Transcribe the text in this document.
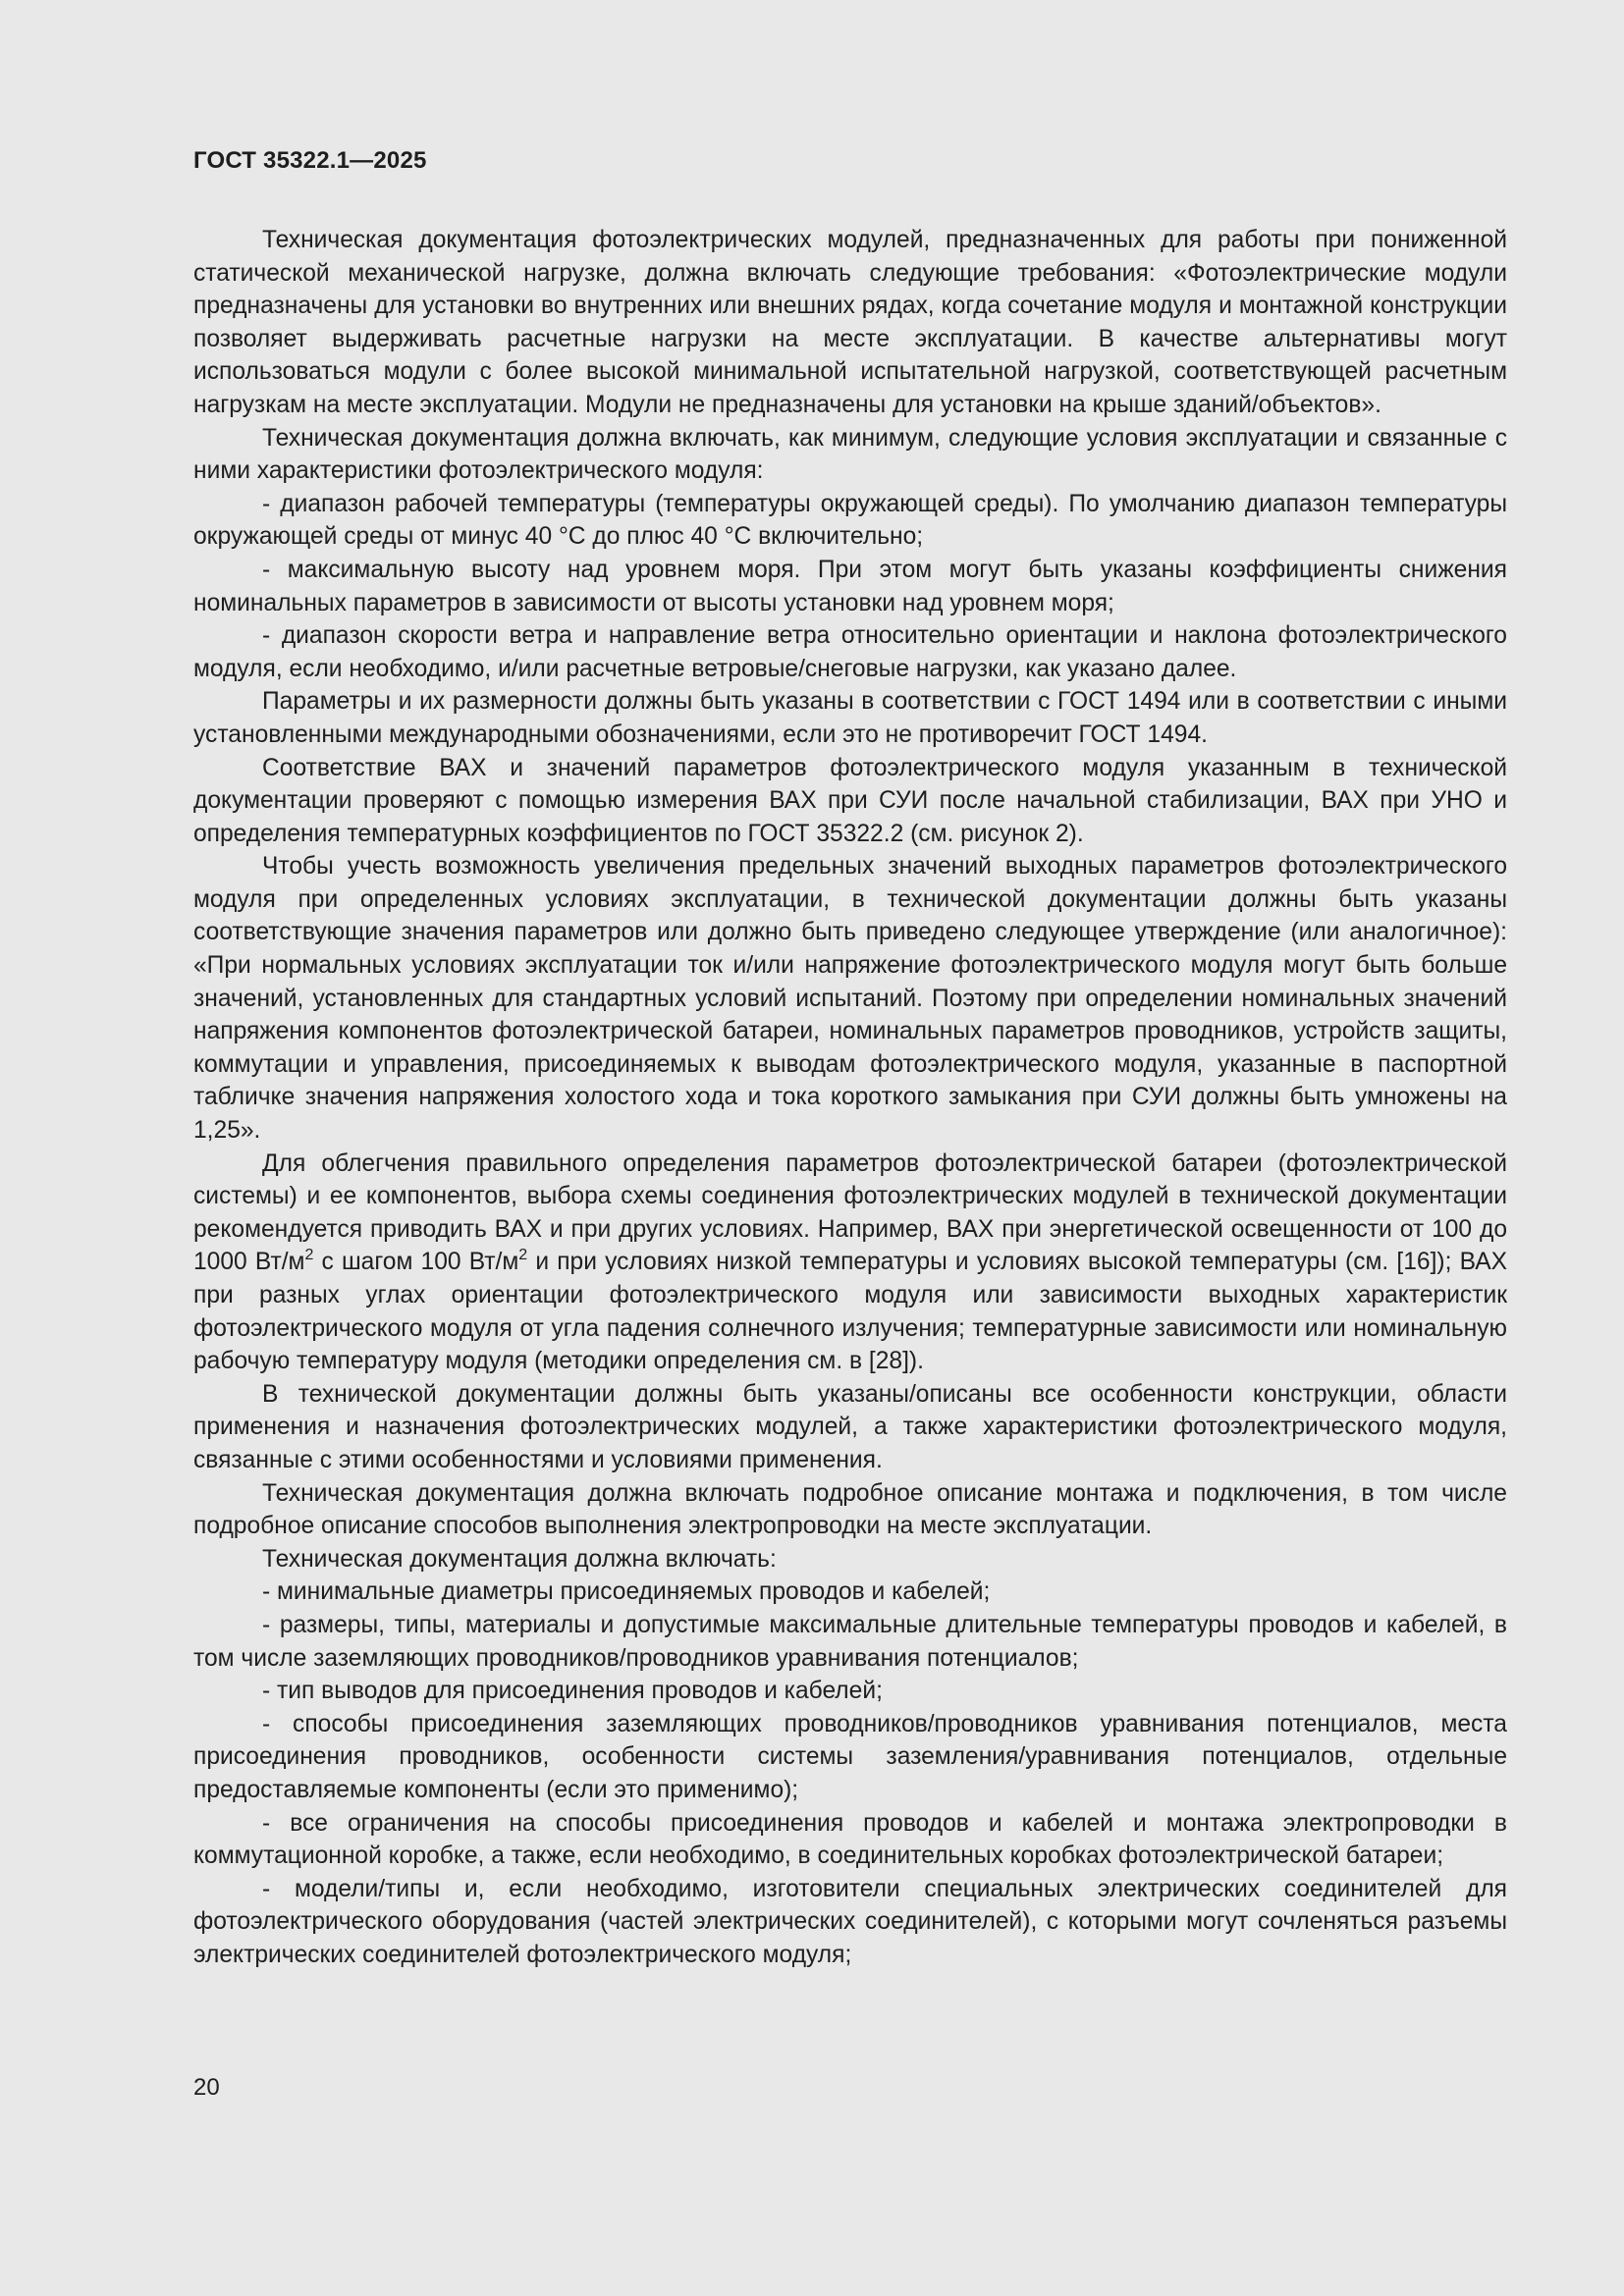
ГОСТ 35322.1—2025

Техническая документация фотоэлектрических модулей, предназначенных для работы при пониженной статической механической нагрузке, должна включать следующие требования: «Фотоэлектрические модули предназначены для установки во внутренних или внешних рядах, когда сочетание модуля и монтажной конструкции позволяет выдерживать расчетные нагрузки на месте эксплуатации. В качестве альтернативы могут использоваться модули с более высокой минимальной испытательной нагрузкой, соответствующей расчетным нагрузкам на месте эксплуатации. Модули не предназначены для установки на крыше зданий/объектов».

Техническая документация должна включать, как минимум, следующие условия эксплуатации и связанные с ними характеристики фотоэлектрического модуля:

- диапазон рабочей температуры (температуры окружающей среды). По умолчанию диапазон температуры окружающей среды от минус 40 °С до плюс 40 °С включительно;

- максимальную высоту над уровнем моря. При этом могут быть указаны коэффициенты снижения номинальных параметров в зависимости от высоты установки над уровнем моря;

- диапазон скорости ветра и направление ветра относительно ориентации и наклона фотоэлектрического модуля, если необходимо, и/или расчетные ветровые/снеговые нагрузки, как указано далее.

Параметры и их размерности должны быть указаны в соответствии с ГОСТ 1494 или в соответствии с иными установленными международными обозначениями, если это не противоречит ГОСТ 1494.

Соответствие ВАХ и значений параметров фотоэлектрического модуля указанным в технической документации проверяют с помощью измерения ВАХ при СУИ после начальной стабилизации, ВАХ при УНО и определения температурных коэффициентов по ГОСТ 35322.2 (см. рисунок 2).

Чтобы учесть возможность увеличения предельных значений выходных параметров фотоэлектрического модуля при определенных условиях эксплуатации, в технической документации должны быть указаны соответствующие значения параметров или должно быть приведено следующее утверждение (или аналогичное): «При нормальных условиях эксплуатации ток и/или напряжение фотоэлектрического модуля могут быть больше значений, установленных для стандартных условий испытаний. Поэтому при определении номинальных значений напряжения компонентов фотоэлектрической батареи, номинальных параметров проводников, устройств защиты, коммутации и управления, присоединяемых к выводам фотоэлектрического модуля, указанные в паспортной табличке значения напряжения холостого хода и тока короткого замыкания при СУИ должны быть умножены на 1,25».

Для облегчения правильного определения параметров фотоэлектрической батареи (фотоэлектрической системы) и ее компонентов, выбора схемы соединения фотоэлектрических модулей в технической документации рекомендуется приводить ВАХ и при других условиях. Например, ВАХ при энергетической освещенности от 100 до 1000 $Вт/м^2$ с шагом 100 $Вт/м^2$ и при условиях низкой температуры и условиях высокой температуры (см. [16]); ВАХ при разных углах ориентации фотоэлектрического модуля или зависимости выходных характеристик фотоэлектрического модуля от угла падения солнечного излучения; температурные зависимости или номинальную рабочую температуру модуля (методики определения см. в [28]).

В технической документации должны быть указаны/описаны все особенности конструкции, области применения и назначения фотоэлектрических модулей, а также характеристики фотоэлектрического модуля, связанные с этими особенностями и условиями применения.

Техническая документация должна включать подробное описание монтажа и подключения, в том числе подробное описание способов выполнения электропроводки на месте эксплуатации.

Техническая документация должна включать:

- минимальные диаметры присоединяемых проводов и кабелей;

- размеры, типы, материалы и допустимые максимальные длительные температуры проводов и кабелей, в том числе заземляющих проводников/проводников уравнивания потенциалов;

- тип выводов для присоединения проводов и кабелей;

- способы присоединения заземляющих проводников/проводников уравнивания потенциалов, места присоединения проводников, особенности системы заземления/уравнивания потенциалов, отдельные предоставляемые компоненты (если это применимо);

- все ограничения на способы присоединения проводов и кабелей и монтажа электропроводки в коммутационной коробке, а также, если необходимо, в соединительных коробках фотоэлектрической батареи;

- модели/типы и, если необходимо, изготовители специальных электрических соединителей для фотоэлектрического оборудования (частей электрических соединителей), с которыми могут сочленяться разъемы электрических соединителей фотоэлектрического модуля;

20
